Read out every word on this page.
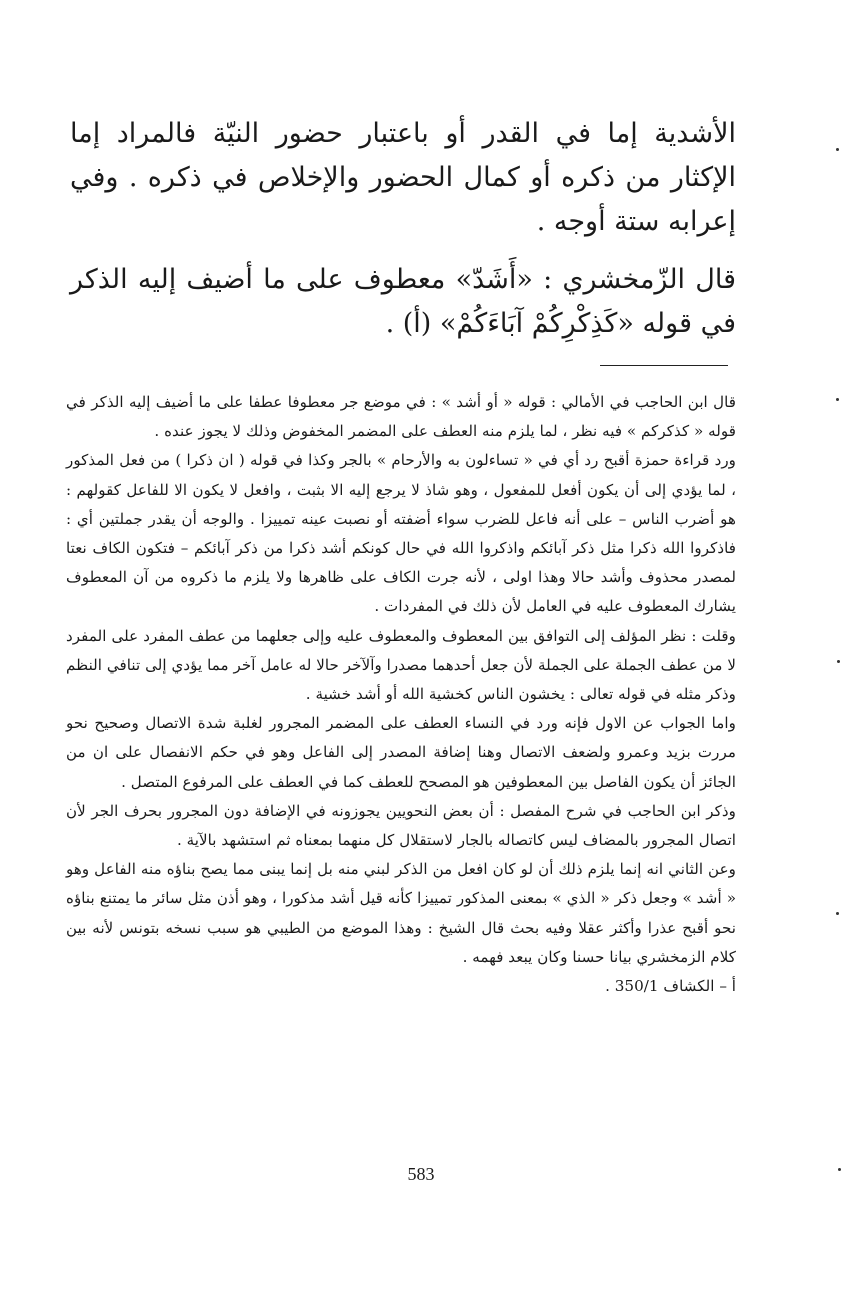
الأشدية إما في القدر أو باعتبار حضور النيّة فالمراد إما الإكثار من ذكره أو كمال الحضور والإخلاص في ذكره . وفي إعرابه ستة أوجه .

قال الزّمخشري : «أَشَدّ» معطوف على ما أضيف إليه الذكر في قوله «كَذِكْرِكُمْ آبَاءَكُمْ» (أ) .

قال ابن الحاجب في الأمالي : قوله « أو أشد » : في موضع جر معطوفا عطفا على ما أضيف إليه الذكر في قوله « كذكركم » فيه نظر ، لما يلزم منه العطف على المضمر المخفوض وذلك لا يجوز عنده .

ورد قراءة حمزة أقبح رد أي في « تساءلون به والأرحام » بالجر وكذا في قوله ( ان ذكرا ) من فعل المذكور ، لما يؤدي إلى أن يكون أفعل للمفعول ، وهو شاذ لا يرجع إليه الا بثبت ، وافعل لا يكون الا للفاعل كقولهم : هو أضرب الناس – على أنه فاعل للضرب سواء أضفته أو نصبت عينه تمييزا . والوجه أن يقدر جملتين أي : فاذكروا الله ذكرا مثل ذكر آبائكم واذكروا الله في حال كونكم أشد ذكرا من ذكر آبائكم – فتكون الكاف نعتا لمصدر محذوف وأشد حالا وهذا اولى ، لأنه جرت الكاف على ظاهرها ولا يلزم ما ذكروه من آن المعطوف يشارك المعطوف عليه في العامل لأن ذلك في المفردات .

وقلت : نظر المؤلف إلى التوافق بين المعطوف والمعطوف عليه وإلى جعلهما من عطف المفرد على المفرد لا من عطف الجملة على الجملة لأن جعل أحدهما مصدرا وآلآخر حالا له عامل آخر مما يؤدي إلى تنافي النظم وذكر مثله في قوله تعالى : يخشون الناس كخشية الله أو أشد خشية .

واما الجواب عن الاول فإنه ورد في النساء العطف على المضمر المجرور لغلبة شدة الاتصال وصحيح نحو مررت بزيد وعمرو ولضعف الاتصال وهنا إضافة المصدر إلى الفاعل وهو في حكم الانفصال على ان من الجائز أن يكون الفاصل بين المعطوفين هو المصحح للعطف كما في العطف على المرفوع المتصل .

وذكر ابن الحاجب في شرح المفصل : أن بعض النحويين يجوزونه في الإضافة دون المجرور بحرف الجر لأن اتصال المجرور بالمضاف ليس كاتصاله بالجار لاستقلال كل منهما بمعناه ثم استشهد بالآية .

وعن الثاني انه إنما يلزم ذلك أن لو كان افعل من الذكر لبني منه بل إنما يبنى مما يصح بناؤه منه الفاعل وهو « أشد » وجعل ذكر « الذي » بمعنى المذكور تمييزا كأنه قيل أشد مذكورا ، وهو أذن مثل سائر ما يمتنع بناؤه نحو أقبح عذرا وأكثر عقلا وفيه بحث قال الشيخ : وهذا الموضع من الطيبي هو سبب نسخه بتونس لأنه بين كلام الزمخشري بيانا حسنا وكان يبعد فهمه .

أ – الكشاف 350/1 .

583
